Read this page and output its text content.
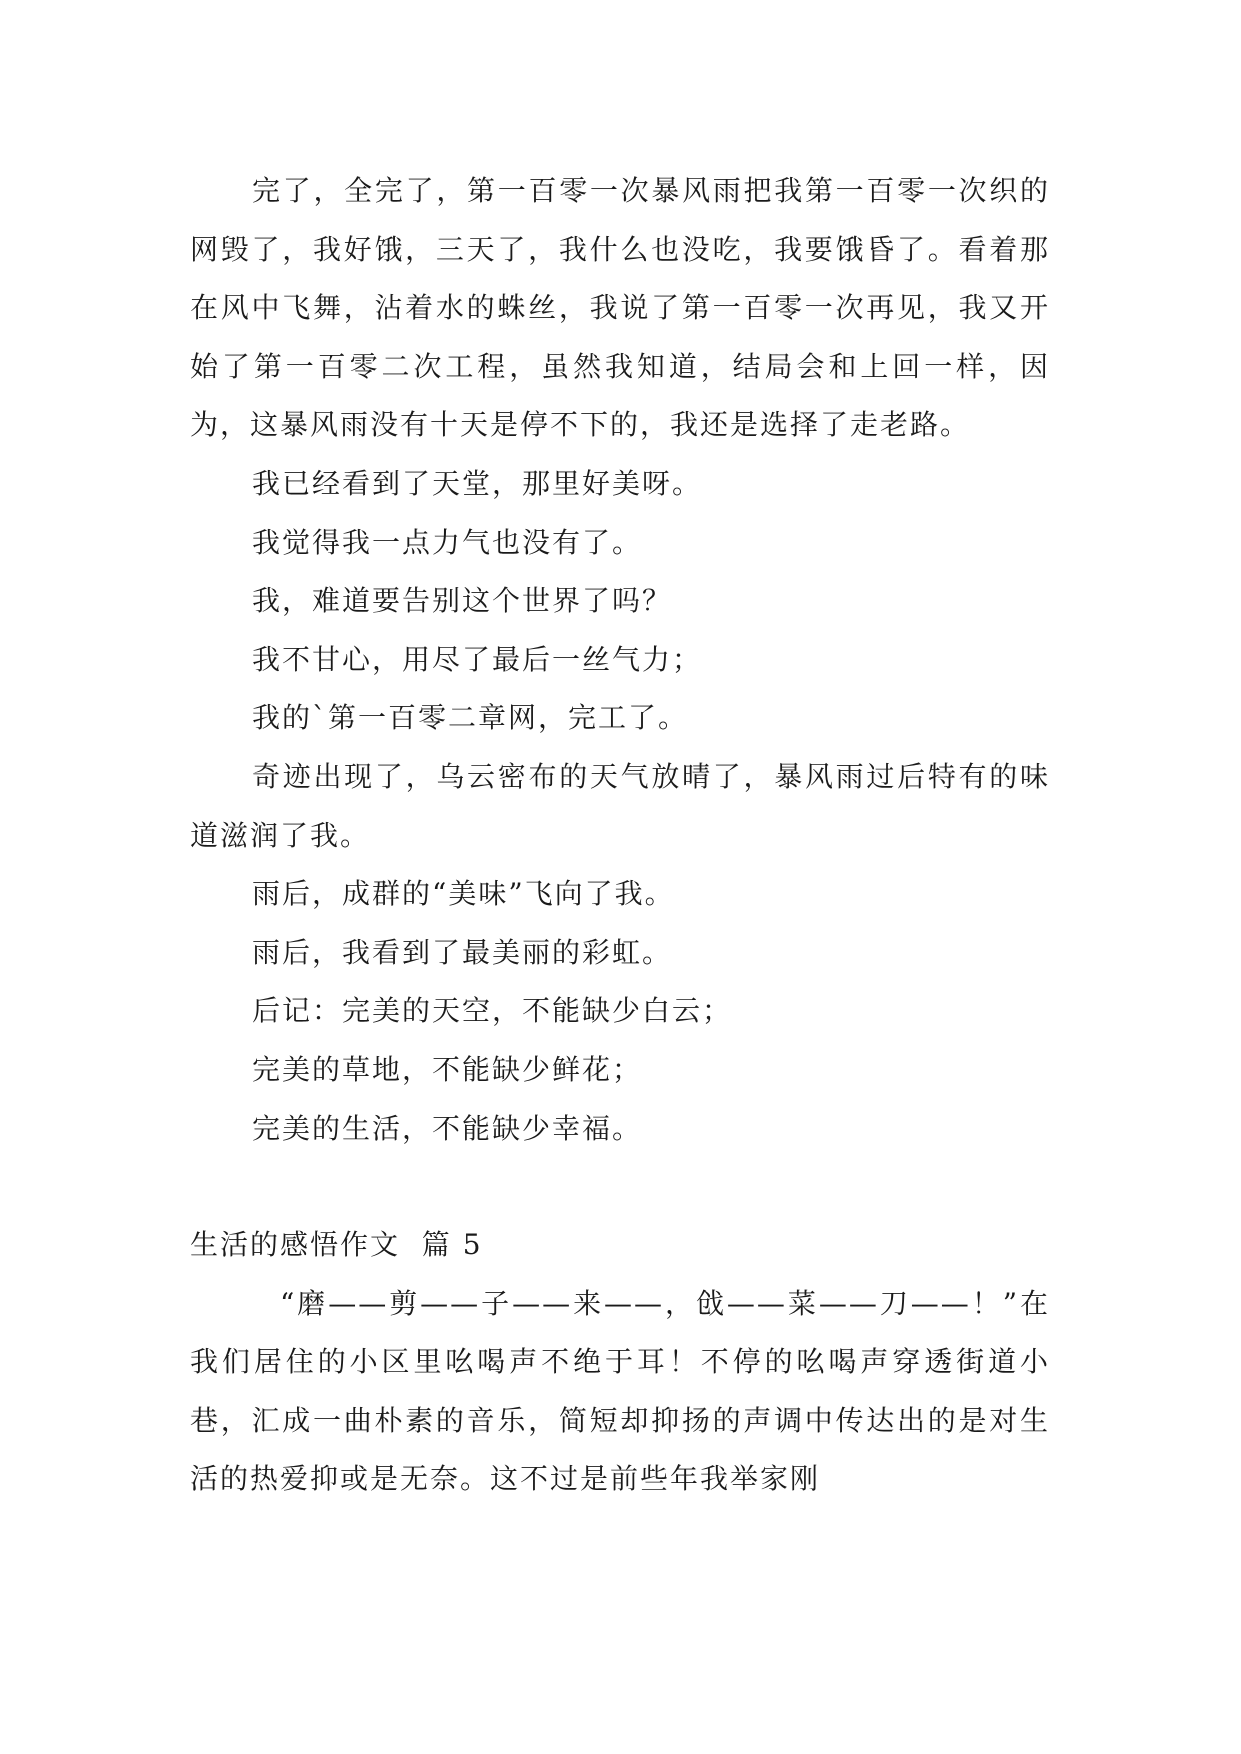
完了，全完了，第一百零一次暴风雨把我第一百零一次织的网毁了，我好饿，三天了，我什么也没吃，我要饿昏了。看着那在风中飞舞，沾着水的蛛丝，我说了第一百零一次再见，我又开始了第一百零二次工程，虽然我知道，结局会和上回一样，因为，这暴风雨没有十天是停不下的，我还是选择了走老路。

我已经看到了天堂，那里好美呀。

我觉得我一点力气也没有了。

我，难道要告别这个世界了吗？

我不甘心，用尽了最后一丝气力；

我的`第一百零二章网，完工了。

奇迹出现了，乌云密布的天气放晴了，暴风雨过后特有的味道滋润了我。

雨后，成群的“美味”飞向了我。

雨后，我看到了最美丽的彩虹。

后记：完美的天空，不能缺少白云；

完美的草地，不能缺少鲜花；

完美的生活，不能缺少幸福。

生活的感悟作文  篇 5

“磨——剪——子——来——，戗——菜——刀——！”在我们居住的小区里吆喝声不绝于耳！不停的吆喝声穿透街道小巷，汇成一曲朴素的音乐，简短却抑扬的声调中传达出的是对生活的热爱抑或是无奈。这不过是前些年我举家刚
